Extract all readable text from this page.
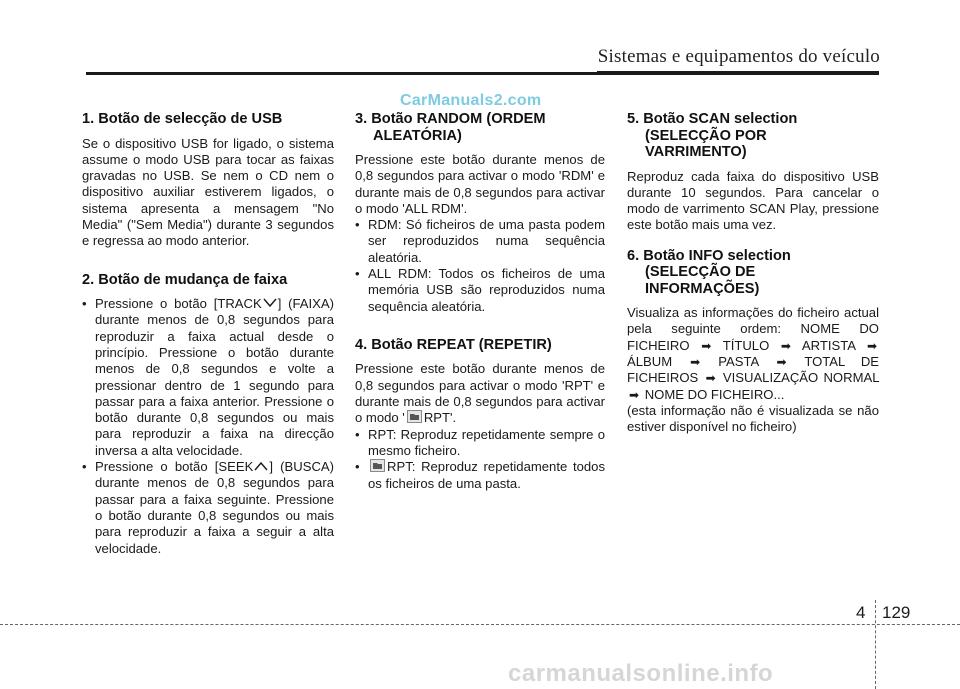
Sistemas e equipamentos do veículo
CarManuals2.com
1. Botão de selecção de USB

Se o dispositivo USB for ligado, o sistema assume o modo USB para tocar as faixas gravadas no USB. Se nem o CD nem o dispositivo auxiliar estiverem ligados, o sistema apresenta a mensagem "No Media" ("Sem Media") durante 3 segundos e regressa ao modo anterior.

2. Botão de mudança de faixa
• Pressione o botão [TRACK ] (FAIXA) durante menos de 0,8 segundos para reproduzir a faixa actual desde o princípio. Pressione o botão durante menos de 0,8 segundos e volte a pressionar dentro de 1 segundo para passar para a faixa anterior. Pressione o botão durante 0,8 segundos ou mais para reproduzir a faixa na direcção inversa a alta velocidade.
• Pressione o botão [SEEK ] (BUSCA) durante menos de 0,8 segundos para passar para a faixa seguinte. Pressione o botão durante 0,8 segundos ou mais para reproduzir a faixa a seguir a alta velocidade.
3. Botão RANDOM (ORDEM
ALEATÓRIA)

Pressione este botão durante menos de 0,8 segundos para activar o modo 'RDM' e durante mais de 0,8 segundos para activar o modo 'ALL RDM'.

• RDM: Só ficheiros de uma pasta podem ser reproduzidos numa sequência aleatória.
• ALL RDM: Todos os ficheiros de uma memória USB são reproduzidos numa sequência aleatória.
4. Botão REPEAT (REPETIR)

Pressione este botão durante menos de 0,8 segundos para activar o modo 'RPT' e durante mais de 0,8 segundos para activar o modo ' RPT'.

• RPT: Reproduz repetidamente sempre o mesmo ficheiro.
• RPT: Reproduz repetidamente todos os ficheiros de uma pasta.
5. Botão SCAN selection
(SELECÇÃO POR
VARRIMENTO)

Reproduz cada faixa do dispositivo USB durante 10 segundos. Para cancelar o modo de varrimento SCAN Play, pressione este botão mais uma vez.

6. Botão INFO selection
(SELECÇÃO DE
INFORMAÇÕES)

Visualiza as informações do ficheiro actual pela seguinte ordem: NOME DO FICHEIRO ➡ TÍTULO ➡ ARTISTA ➡ ÁLBUM ➡ PASTA ➡ TOTAL DE FICHEIROS ➡ VISUALIZAÇÃO NORMAL ➡ NOME DO FICHEIRO...

(esta informação não é visualizada se não estiver disponível no ficheiro)

4 129
carmanualsonline.info
